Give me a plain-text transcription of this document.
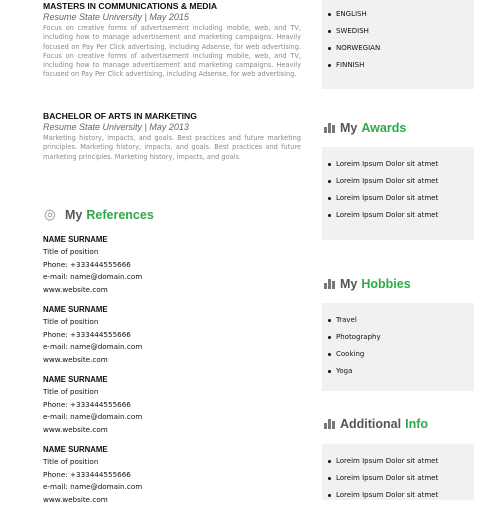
MASTERS IN COMMUNICATIONS & MEDIA

Resume State University | May 2015

Focus on creative forms of advertisement including mobile, web, and TV, including how to manage advertisement and marketing campaigns. Heavily focused on Pay Per Click advertising, including Adsense, for web advertising. Focus on creative forms of advertisement including mobile, web, and TV, including how to manage advertisement and marketing campaigns. Heavily focused on Pay Per Click advertising, including Adsense, for web advertising.

BACHELOR OF ARTS IN MARKETING

Resume State University | May 2013

Marketing history, impacts, and goals. Best practices and future marketing principles. Marketing history, impacts, and goals. Best practices and future marketing principles. Marketing history, impacts, and goals.

My References
NAME SURNAME
Title of position
Phone: +333444555666
e-mail: name@domain.com
www.website.com
NAME SURNAME
Title of position
Phone: +333444555666
e-mail: name@domain.com
www.website.com
NAME SURNAME
Title of position
Phone: +333444555666
e-mail: name@domain.com
www.website.com
NAME SURNAME
Title of position
Phone: +333444555666
e-mail: name@domain.com
www.website.com
ENGLISH
SWEDISH
NORWEGIAN
FINNISH
My Awards
Loreim Ipsum Dolor sit atmet
Loreim Ipsum Dolor sit atmet
Loreim Ipsum Dolor sit atmet
Loreim Ipsum Dolor sit atmet
My Hobbies
Travel
Photography
Cooking
Yoga
Additional Info
Loreim Ipsum Dolor sit atmet
Loreim Ipsum Dolor sit atmet
Loreim Ipsum Dolor sit atmet
